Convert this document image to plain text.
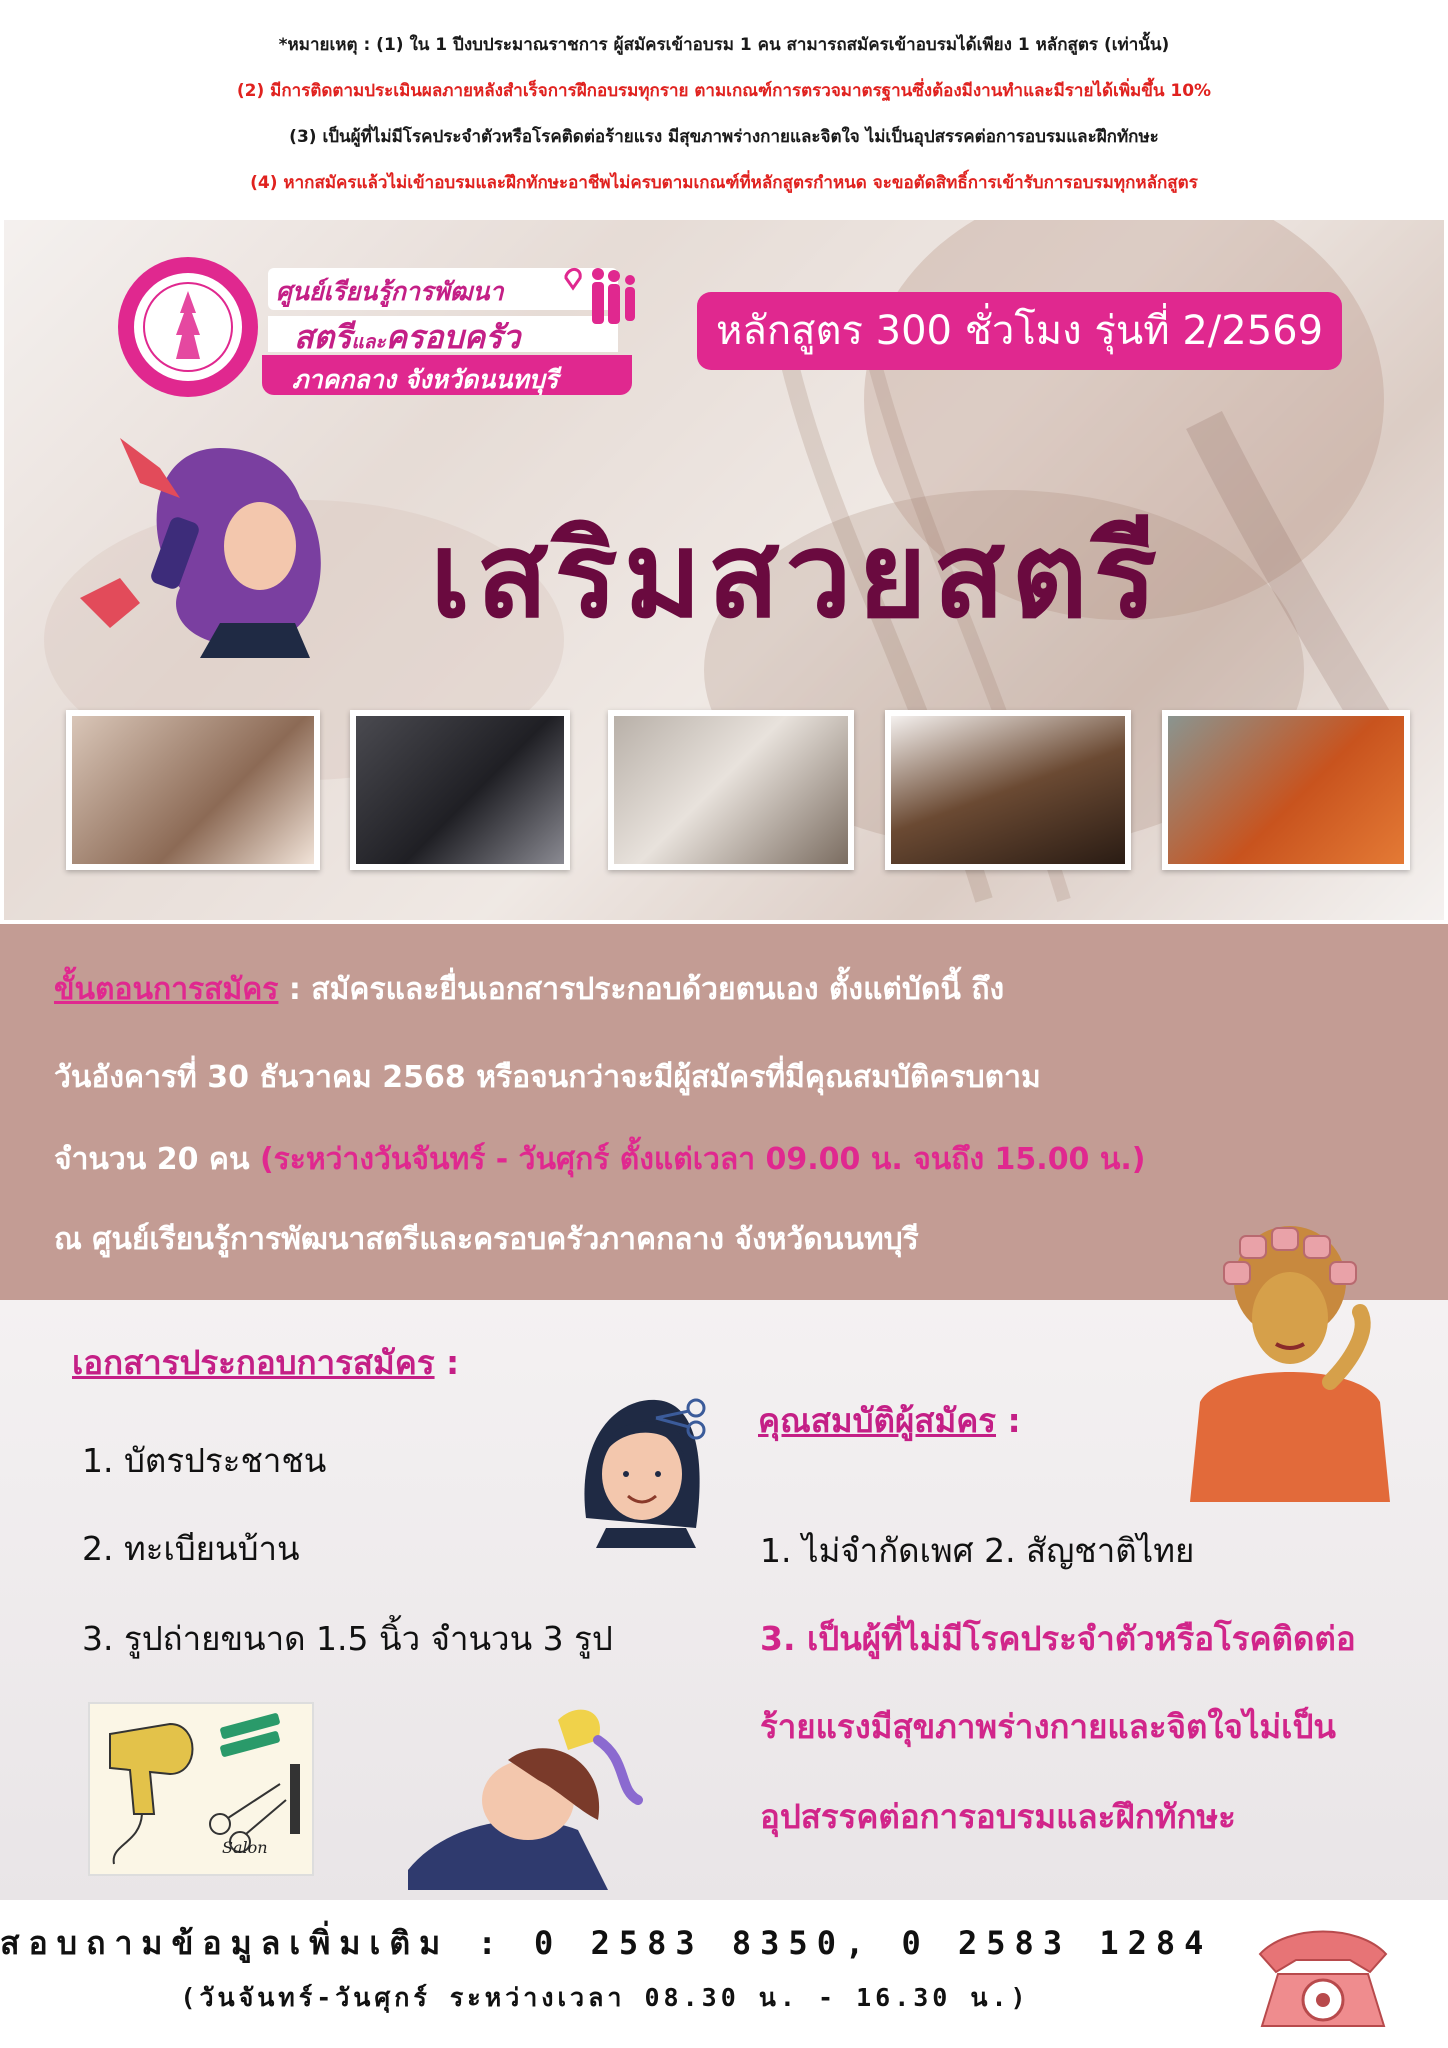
*หมายเหตุ : (1) ใน 1 ปีงบประมาณราชการ ผู้สมัครเข้าอบรม 1 คน สามารถสมัครเข้าอบรมได้เพียง 1 หลักสูตร (เท่านั้น)
(2) มีการติดตามประเมินผลภายหลังสำเร็จการฝึกอบรมทุกราย ตามเกณฑ์การตรวจมาตรฐานซึ่งต้องมีงานทำและมีรายได้เพิ่มขึ้น 10%
(3) เป็นผู้ที่ไม่มีโรคประจำตัวหรือโรคติดต่อร้ายแรง มีสุขภาพร่างกายและจิตใจ ไม่เป็นอุปสรรคต่อการอบรมและฝึกทักษะ
(4) หากสมัครแล้วไม่เข้าอบรมและฝึกทักษะอาชีพไม่ครบตามเกณฑ์ที่หลักสูตรกำหนด จะขอตัดสิทธิ์การเข้ารับการอบรมทุกหลักสูตร
ศูนย์เรียนรู้การพัฒนา
สตรีและครอบครัว
ภาคกลาง จังหวัดนนทบุรี
หลักสูตร 300 ชั่วโมง รุ่นที่ 2/2569
เสริมสวยสตรี
ขั้นตอนการสมัคร : สมัครและยื่นเอกสารประกอบด้วยตนเอง ตั้งแต่บัดนี้ ถึง
วันอังคารที่ 30 ธันวาคม 2568 หรือจนกว่าจะมีผู้สมัครที่มีคุณสมบัติครบตาม
จำนวน 20 คน (ระหว่างวันจันทร์ - วันศุกร์ ตั้งแต่เวลา 09.00 น. จนถึง 15.00 น.)
ณ ศูนย์เรียนรู้การพัฒนาสตรีและครอบครัวภาคกลาง จังหวัดนนทบุรี
เอกสารประกอบการสมัคร :
1. บัตรประชาชน
2. ทะเบียนบ้าน
3. รูปถ่ายขนาด 1.5 นิ้ว จำนวน 3 รูป
คุณสมบัติผู้สมัคร :
1. ไม่จำกัดเพศ 2. สัญชาติไทย
3. เป็นผู้ที่ไม่มีโรคประจำตัวหรือโรคติดต่อ
ร้ายแรงมีสุขภาพร่างกายและจิตใจไม่เป็น
อุปสรรคต่อการอบรมและฝึกทักษะ
Salon
สอบถามข้อมูลเพิ่มเติม : 0 2583 8350, 0 2583 1284
(วันจันทร์-วันศุกร์ ระหว่างเวลา 08.30 น. - 16.30 น.)
